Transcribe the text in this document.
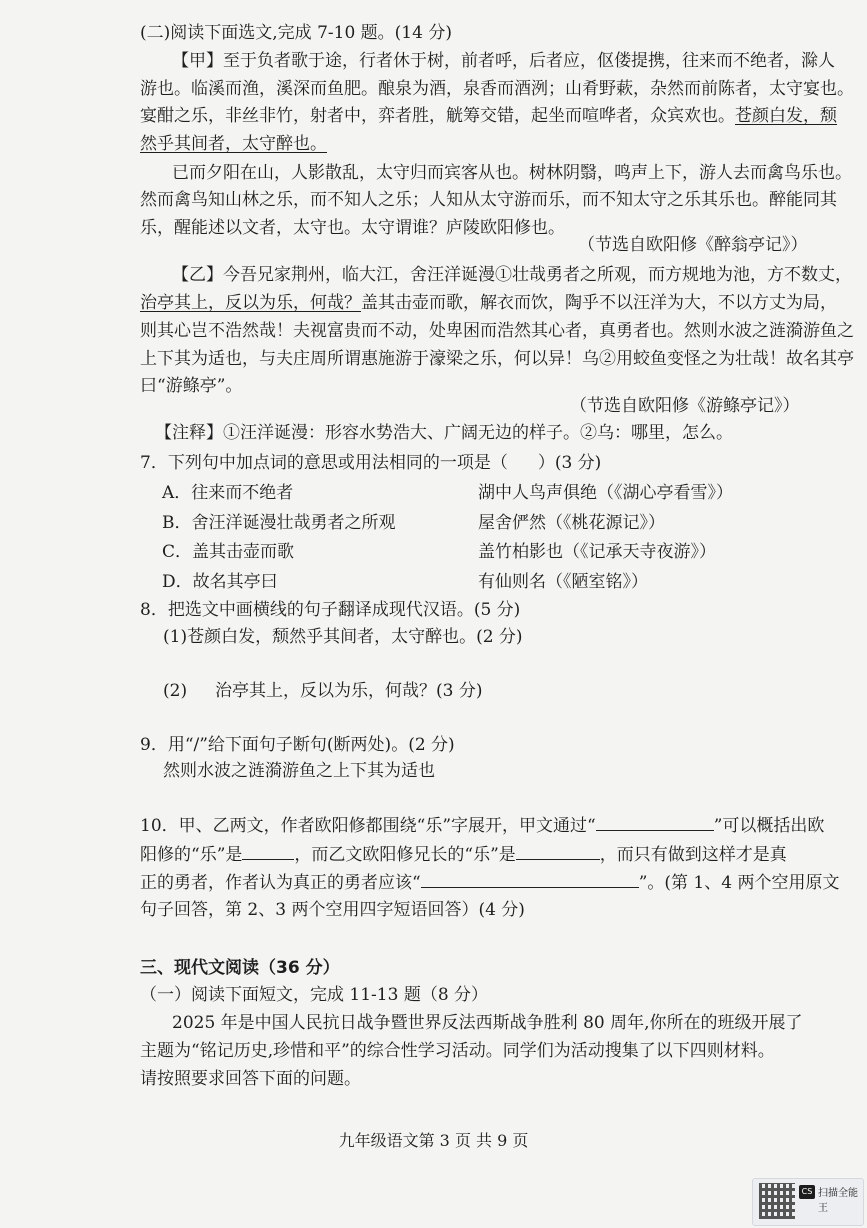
(二)阅读下面选文,完成 7-10 题。(14 分)
【甲】至于负者歌于途，行者休于树，前者呼，后者应，伛偻提携，往来而不绝者，滁人
游也。临溪而渔，溪深而鱼肥。酿泉为酒，泉香而酒洌；山肴野蔌，杂然而前陈者，太守宴也。
宴酣之乐，非丝非竹，射者中，弈者胜，觥筹交错，起坐而喧哗者，众宾欢也。苍颜白发，颓
然乎其间者，太守醉也。
已而夕阳在山，人影散乱，太守归而宾客从也。树林阴翳，鸣声上下，游人去而禽鸟乐也。
然而禽鸟知山林之乐，而不知人之乐；人知从太守游而乐，而不知太守之乐其乐也。醉能同其
乐，醒能述以文者，太守也。太守谓谁？庐陵欧阳修也。
（节选自欧阳修《醉翁亭记》）
【乙】今吾兄家荆州，临大江，舍汪洋诞漫①壮哉勇者之所观，而方规地为池，方不数丈，
治亭其上，反以为乐，何哉？盖其击壶而歌，解衣而饮，陶乎不以汪洋为大，不以方丈为局，
则其心岂不浩然哉！夫视富贵而不动，处卑困而浩然其心者，真勇者也。然则水波之涟漪游鱼之
上下其为适也，与夫庄周所谓惠施游于濠梁之乐，何以异！乌②用蛟鱼变怪之为壮哉！故名其亭
曰“游鲦亭”。
（节选自欧阳修《游鲦亭记》）
【注释】①汪洋诞漫：形容水势浩大、广阔无边的样子。②乌：哪里，怎么。
7．下列句中加点词的意思或用法相同的一项是（ ）(3 分)
A．往来而不绝者	湖中人鸟声俱绝（《湖心亭看雪》）
B．舍汪洋诞漫壮哉勇者之所观	屋舍俨然（《桃花源记》）
C．盖其击壶而歌	盖竹柏影也（《记承天寺夜游》）
D．故名其亭曰	有仙则名（《陋室铭》）
8．把选文中画横线的句子翻译成现代汉语。(5 分)
(1)苍颜白发，颓然乎其间者，太守醉也。(2 分)
(2)	治亭其上，反以为乐，何哉？(3 分)
9．用“/”给下面句子断句(断两处)。(2 分)
然则水波之涟漪游鱼之上下其为适也
10．甲、乙两文，作者欧阳修都围绕“乐”字展开，甲文通过“	”可以概括出欧
阳修的“乐”是	，而乙文欧阳修兄长的“乐”是	，而只有做到这样才是真
正的勇者，作者认为真正的勇者应该“	”。(第 1、4 两个空用原文
句子回答，第 2、3 两个空用四字短语回答）(4 分)
三、现代文阅读（36 分）
（一）阅读下面短文，完成 11-13 题（8 分）
2025 年是中国人民抗日战争暨世界反法西斯战争胜利 80 周年,你所在的班级开展了
主题为“铭记历史,珍惜和平”的综合性学习活动。同学们为活动搜集了以下四则材料。
请按照要求回答下面的问题。
九年级语文第 3 页 共 9 页
CS 扫描全能王
